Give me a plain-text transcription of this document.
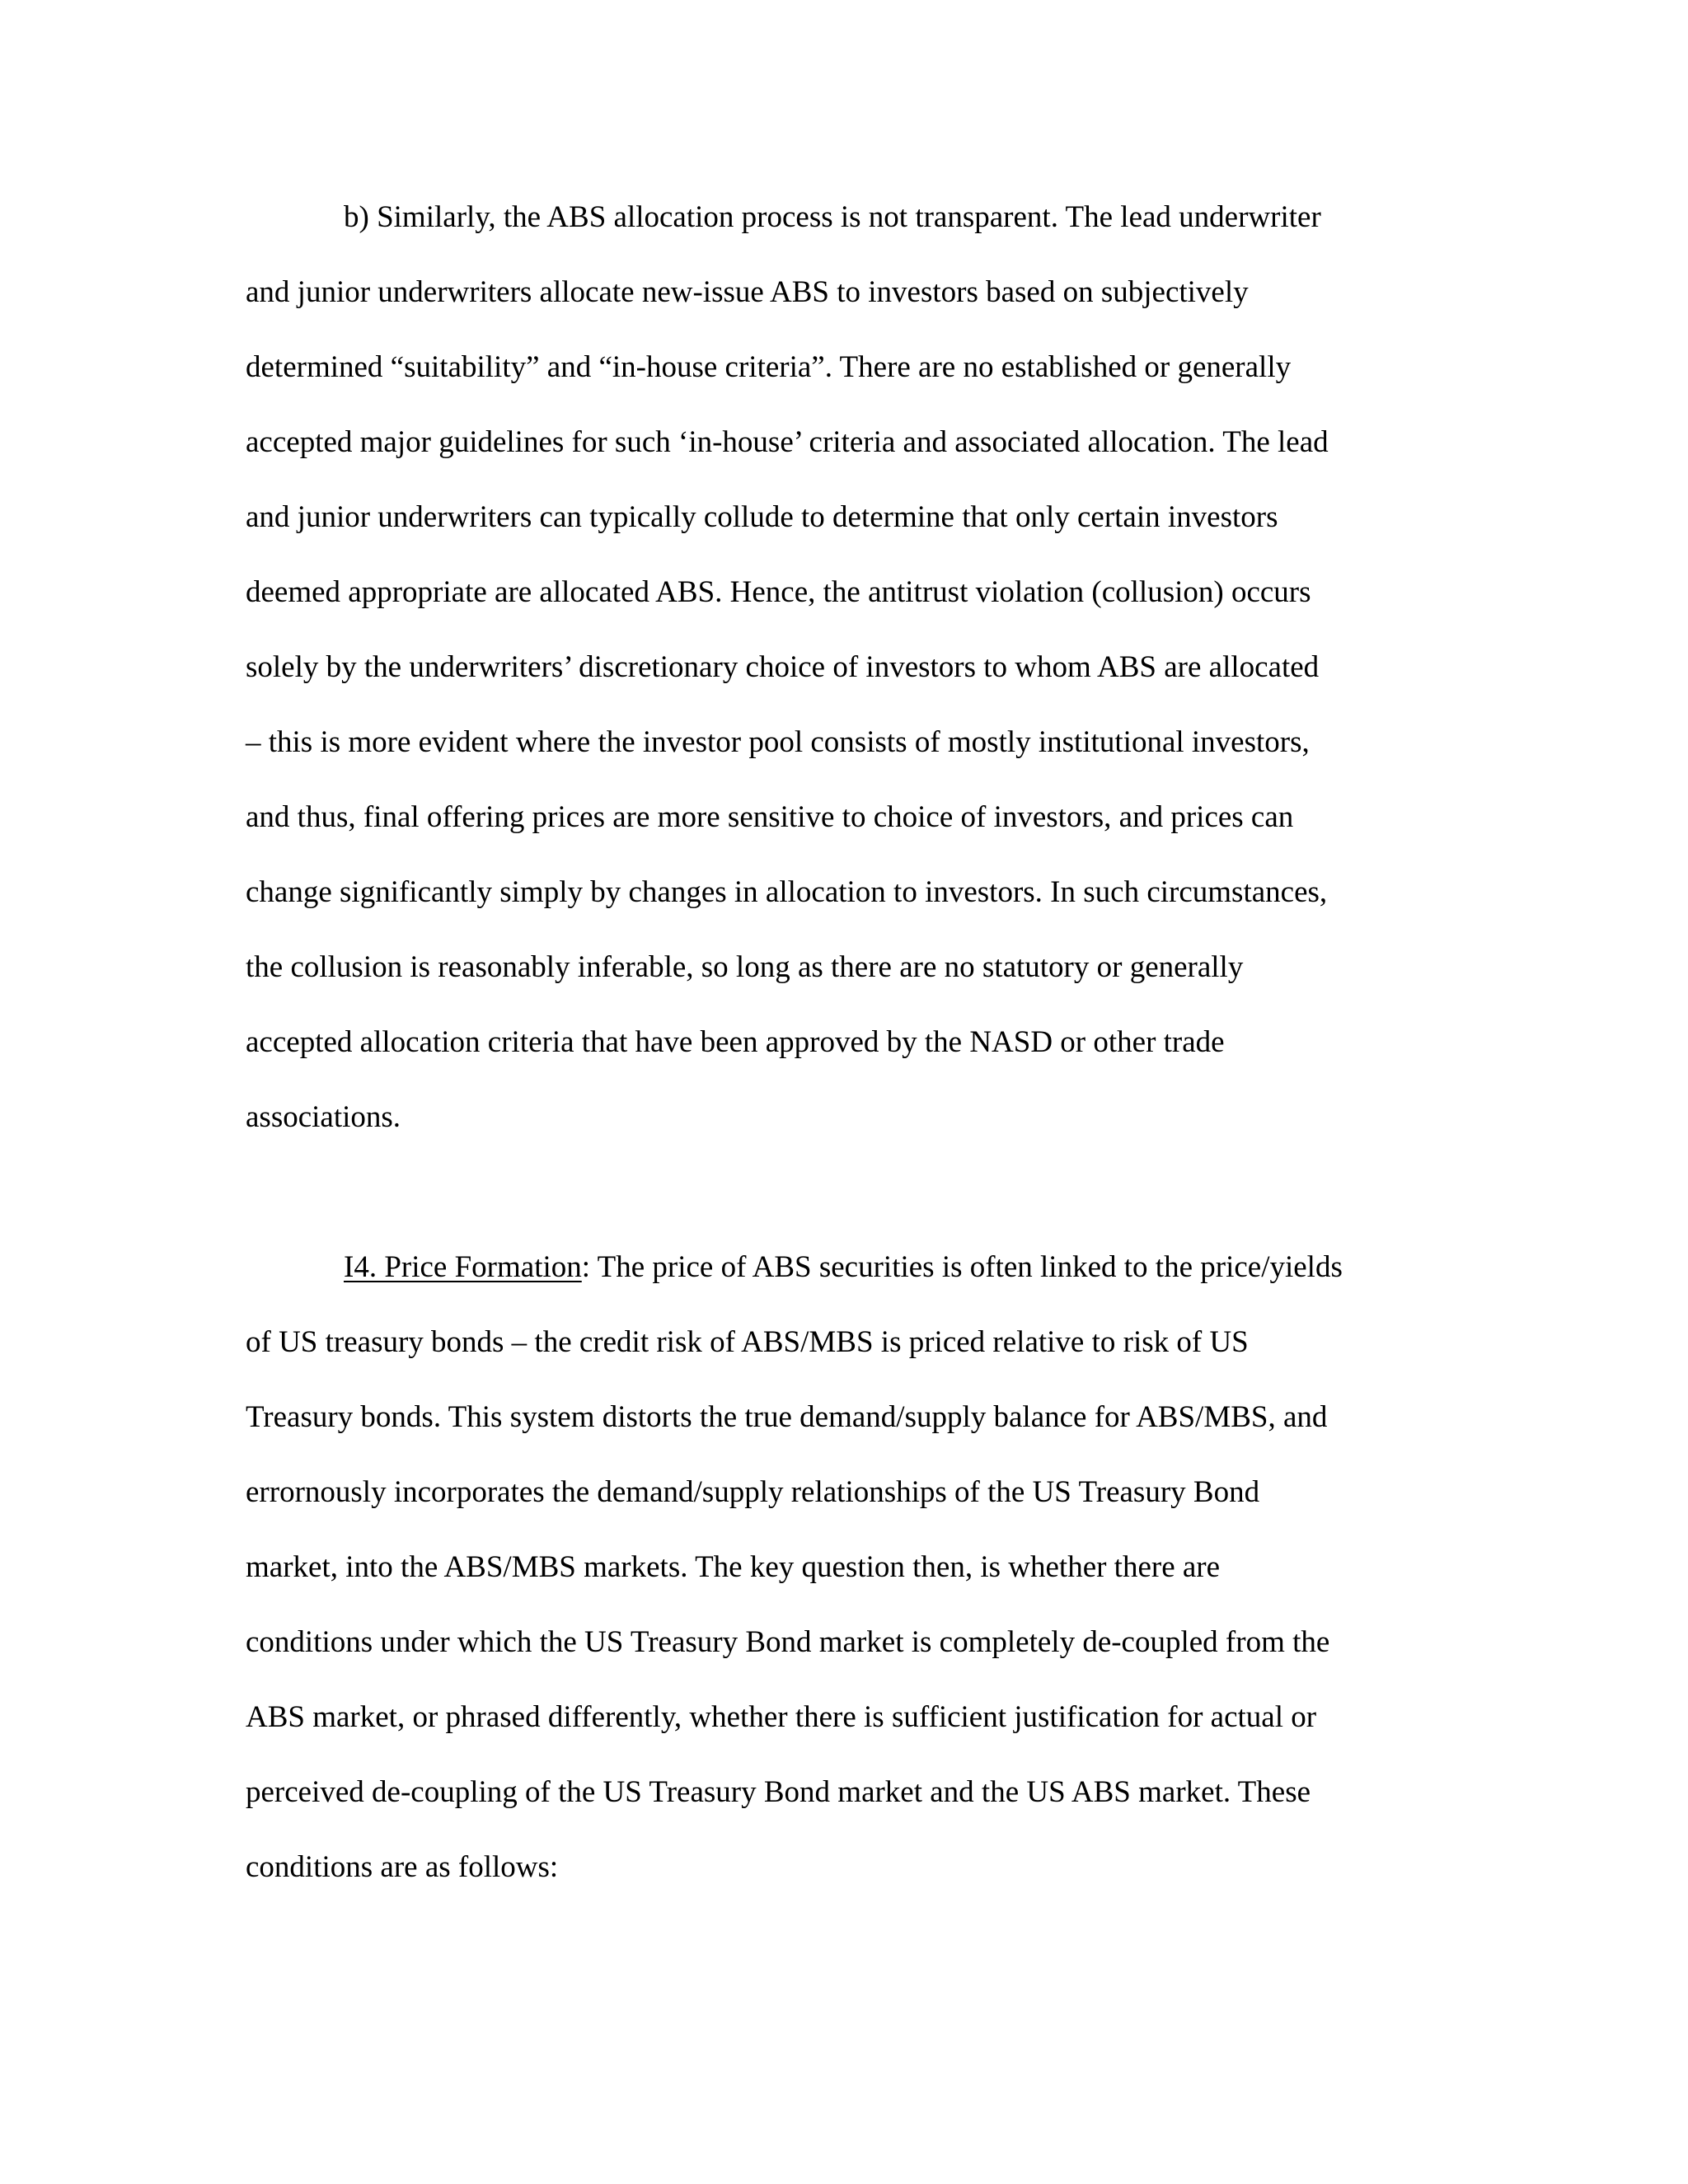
b) Similarly, the ABS allocation process is not transparent. The lead underwriter

and junior underwriters allocate new-issue ABS to investors based on subjectively

determined “suitability” and “in-house criteria”. There are no established or generally

accepted major guidelines for such ‘in-house’ criteria and associated allocation. The lead

and junior underwriters can typically collude to determine that only certain investors

deemed appropriate are allocated ABS. Hence, the antitrust violation (collusion) occurs

solely by the underwriters’ discretionary choice of investors to whom ABS are allocated

– this is more evident where the investor pool consists of mostly institutional investors,

and thus, final offering prices are more sensitive to choice of investors, and prices can

change significantly simply by changes in allocation to investors. In such circumstances,

the collusion is reasonably inferable, so long as there are no statutory or generally

accepted allocation criteria that have been approved by the NASD or other trade

associations.

I4. Price Formation: The price of ABS securities is often linked to the price/yields

of US treasury bonds – the credit risk of ABS/MBS is priced relative to risk of US

Treasury bonds. This system distorts the true demand/supply balance for ABS/MBS, and

errornously incorporates the demand/supply relationships of the US Treasury Bond

market, into the ABS/MBS markets. The key question then, is whether there are

conditions under which the US Treasury Bond market is completely de-coupled from the

ABS market, or phrased differently, whether there is sufficient justification for actual or

perceived de-coupling of the US Treasury Bond market and the US ABS market. These

conditions are as follows:
